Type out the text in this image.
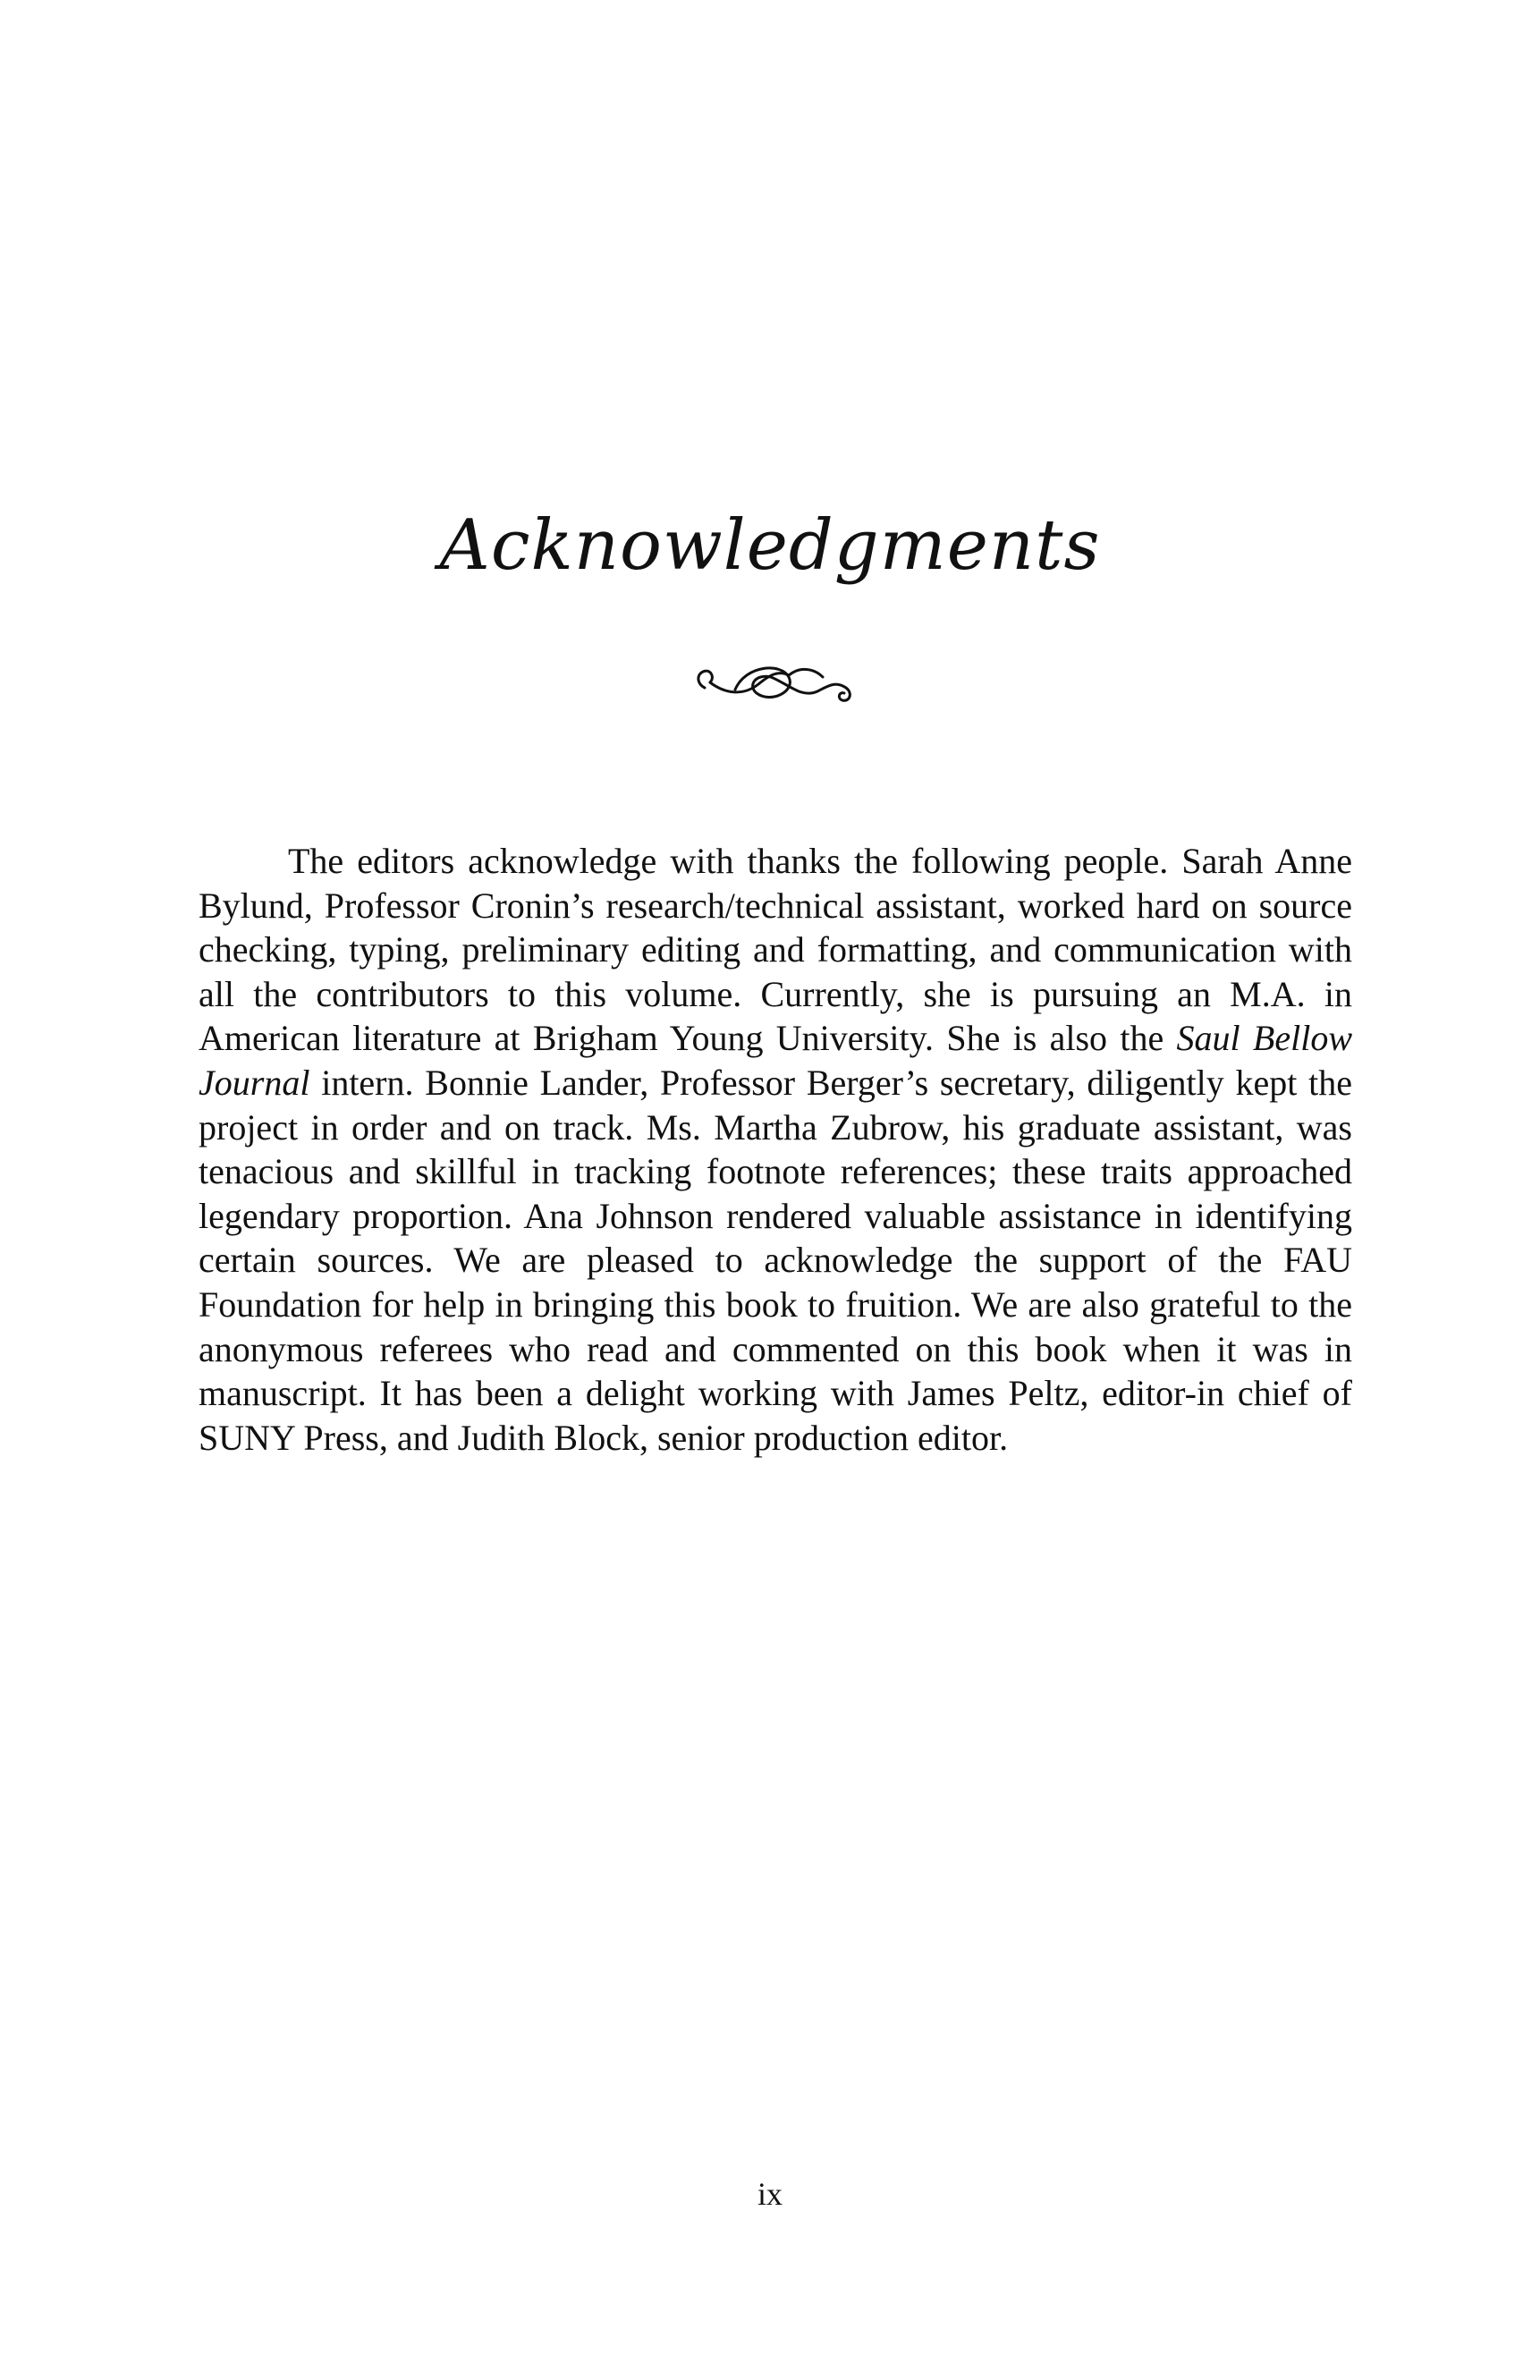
Acknowledgments

The editors acknowledge with thanks the following people. Sarah Anne Bylund, Professor Cronin’s research/technical assistant, worked hard on source checking, typing, preliminary editing and formatting, and communication with all the contributors to this volume. Currently, she is pursuing an M.A. in American literature at Brigham Young University. She is also the Saul Bellow Journal intern. Bonnie Lander, Professor Berger’s secretary, diligently kept the project in order and on track. Ms. Martha Zubrow, his graduate assistant, was tenacious and skillful in tracking footnote references; these traits approached legendary proportion. Ana Johnson rendered valuable assistance in identifying certain sources. We are pleased to acknowledge the support of the FAU Foundation for help in bringing this book to fruition. We are also grateful to the anonymous referees who read and commented on this book when it was in manuscript. It has been a delight working with James Peltz, editor-in chief of SUNY Press, and Judith Block, senior production editor.

ix
